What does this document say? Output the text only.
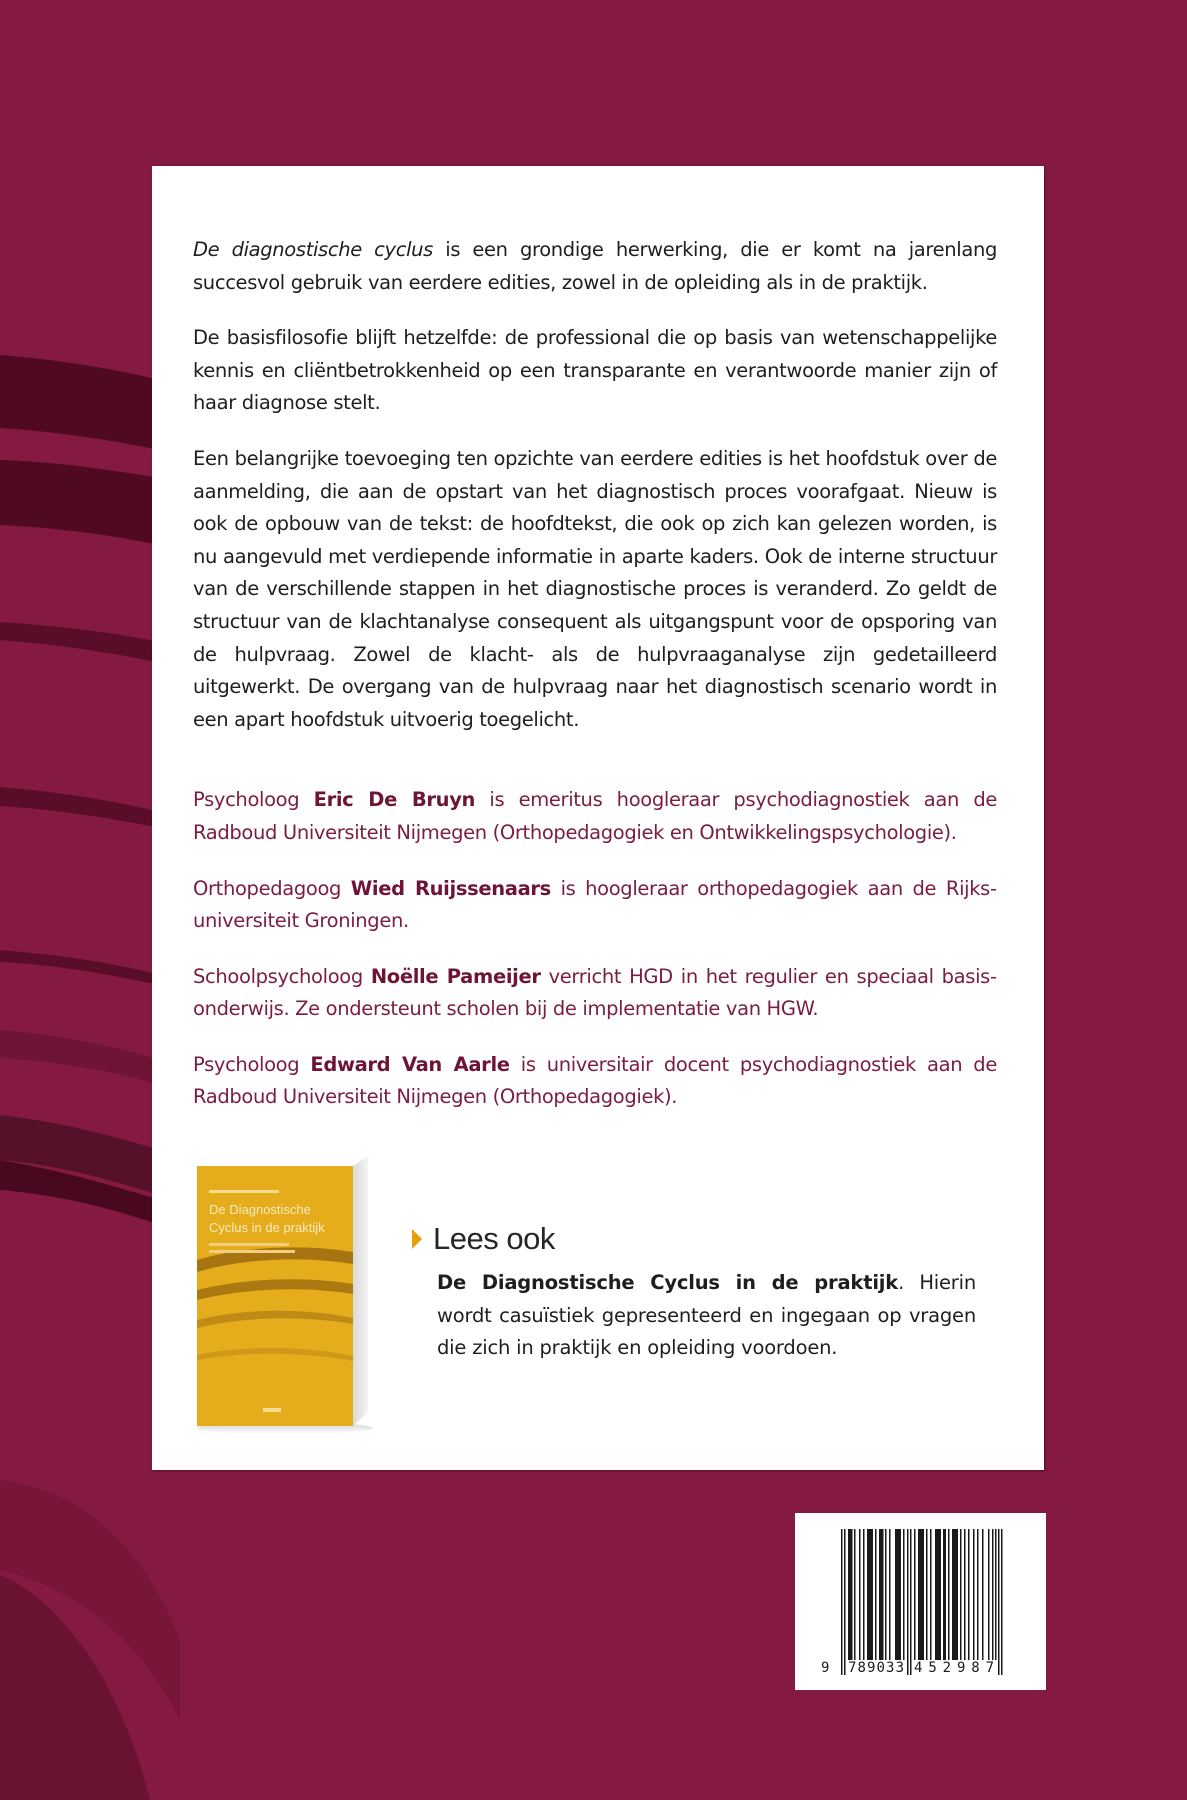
De diagnostische cyclus is een grondige herwerking, die er komt na jarenlang succesvol gebruik van eerdere edities, zowel in de opleiding als in de praktijk.

De basisfilosofie blijft hetzelfde: de professional die op basis van wetenschappelijke kennis en cliëntbetrokkenheid op een transparante en verantwoorde manier zijn of haar diagnose stelt.

Een belangrijke toevoeging ten opzichte van eerdere edities is het hoofdstuk over de aanmelding, die aan de opstart van het diagnostisch proces voorafgaat. Nieuw is ook de opbouw van de tekst: de hoofdtekst, die ook op zich kan gelezen worden, is nu aangevuld met verdiepende informatie in aparte kaders. Ook de interne structuur van de verschillende stappen in het diagnostische proces is veranderd. Zo geldt de structuur van de klachtanalyse consequent als uitgangspunt voor de opsporing van de hulpvraag. Zowel de klacht- als de hulpvraaganalyse zijn gedetailleerd uitgewerkt. De overgang van de hulpvraag naar het diagnostisch scenario wordt in een apart hoofdstuk uitvoerig toegelicht.

Psycholoog Eric De Bruyn is emeritus hoogleraar psychodiagnostiek aan de Radboud Universiteit Nijmegen (Orthopedagogiek en Ontwikkelingspsychologie).

Orthopedagoog Wied Ruijssenaars is hoogleraar orthopedagogiek aan de Rijksuniversiteit Groningen.

Schoolpsycholoog Noëlle Pameijer verricht HGD in het regulier en speciaal basisonderwijs. Ze ondersteunt scholen bij de implementatie van HGW.

Psycholoog Edward Van Aarle is universitair docent psychodiagnostiek aan de Radboud Universiteit Nijmegen (Orthopedagogiek).

De Diagnostische
Cyclus in de praktijk	Lees ook

De Diagnostische Cyclus in de praktijk. Hierin wordt casuïstiek gepresenteerd en ingegaan op vragen die zich in praktijk en opleiding voordoen.

9 789033 452987
